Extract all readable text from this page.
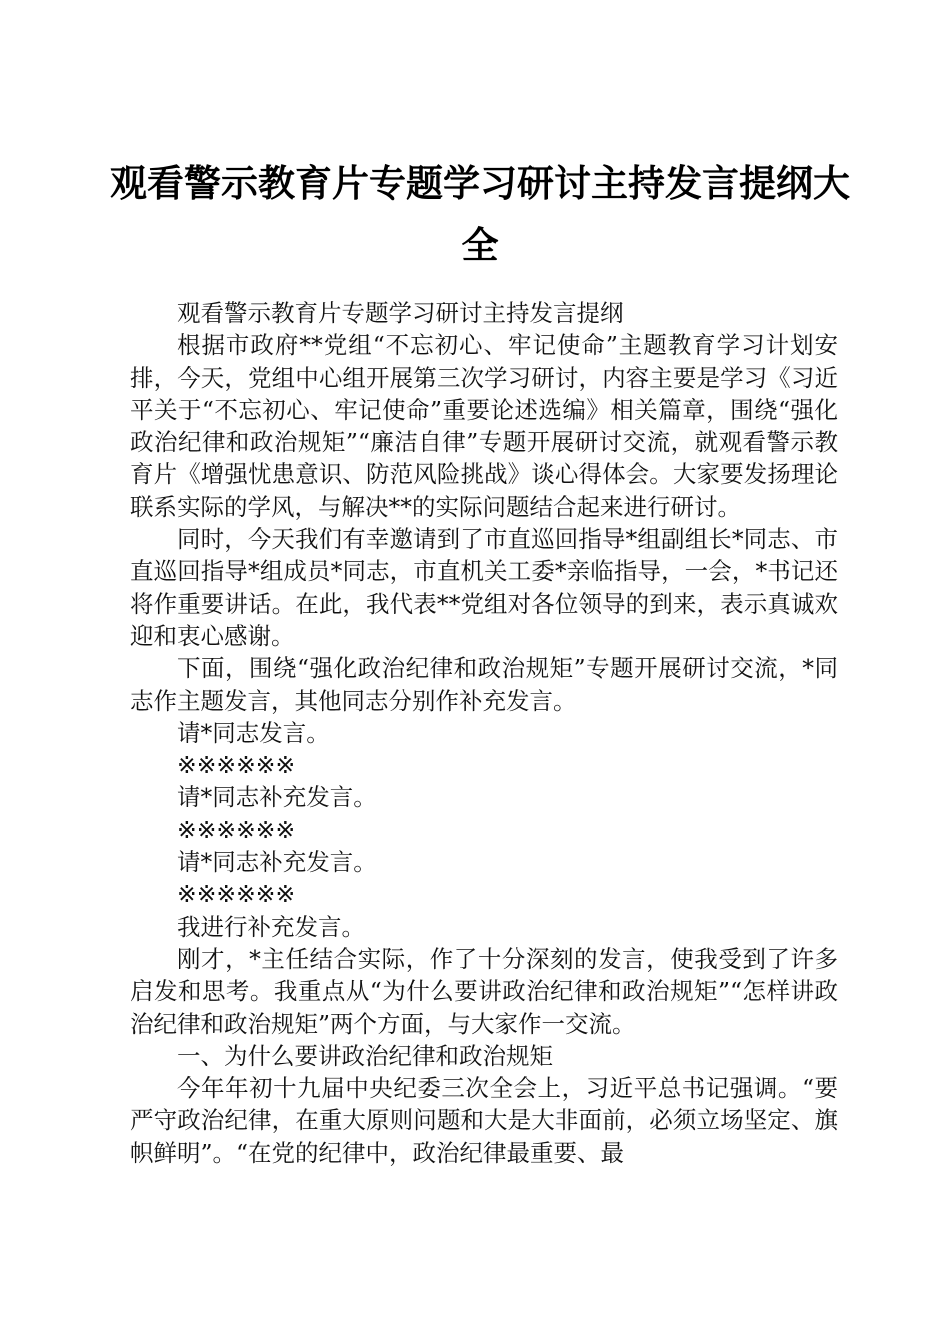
观看警示教育片专题学习研讨主持发言提纲大全

观看警示教育片专题学习研讨主持发言提纲

根据市政府**党组“不忘初心、牢记使命”主题教育学习计划安排，今天，党组中心组开展第三次学习研讨，内容主要是学习《习近平关于“不忘初心、牢记使命”重要论述选编》相关篇章，围绕“强化政治纪律和政治规矩”“廉洁自律”专题开展研讨交流，就观看警示教育片《增强忧患意识、防范风险挑战》谈心得体会。大家要发扬理论联系实际的学风，与解决**的实际问题结合起来进行研讨。

同时，今天我们有幸邀请到了市直巡回指导*组副组长*同志、市直巡回指导*组成员*同志，市直机关工委*亲临指导，一会，*书记还将作重要讲话。在此，我代表**党组对各位领导的到来，表示真诚欢迎和衷心感谢。

下面，围绕“强化政治纪律和政治规矩”专题开展研讨交流，*同志作主题发言，其他同志分别作补充发言。

请*同志发言。

※※※※※※

请*同志补充发言。

※※※※※※

请*同志补充发言。

※※※※※※

我进行补充发言。

刚才，*主任结合实际，作了十分深刻的发言，使我受到了许多启发和思考。我重点从“为什么要讲政治纪律和政治规矩”“怎样讲政治纪律和政治规矩”两个方面，与大家作一交流。

一、为什么要讲政治纪律和政治规矩

今年年初十九届中央纪委三次全会上，习近平总书记强调。“要严守政治纪律，在重大原则问题和大是大非面前，必须立场坚定、旗帜鲜明”。“在党的纪律中，政治纪律最重要、最
